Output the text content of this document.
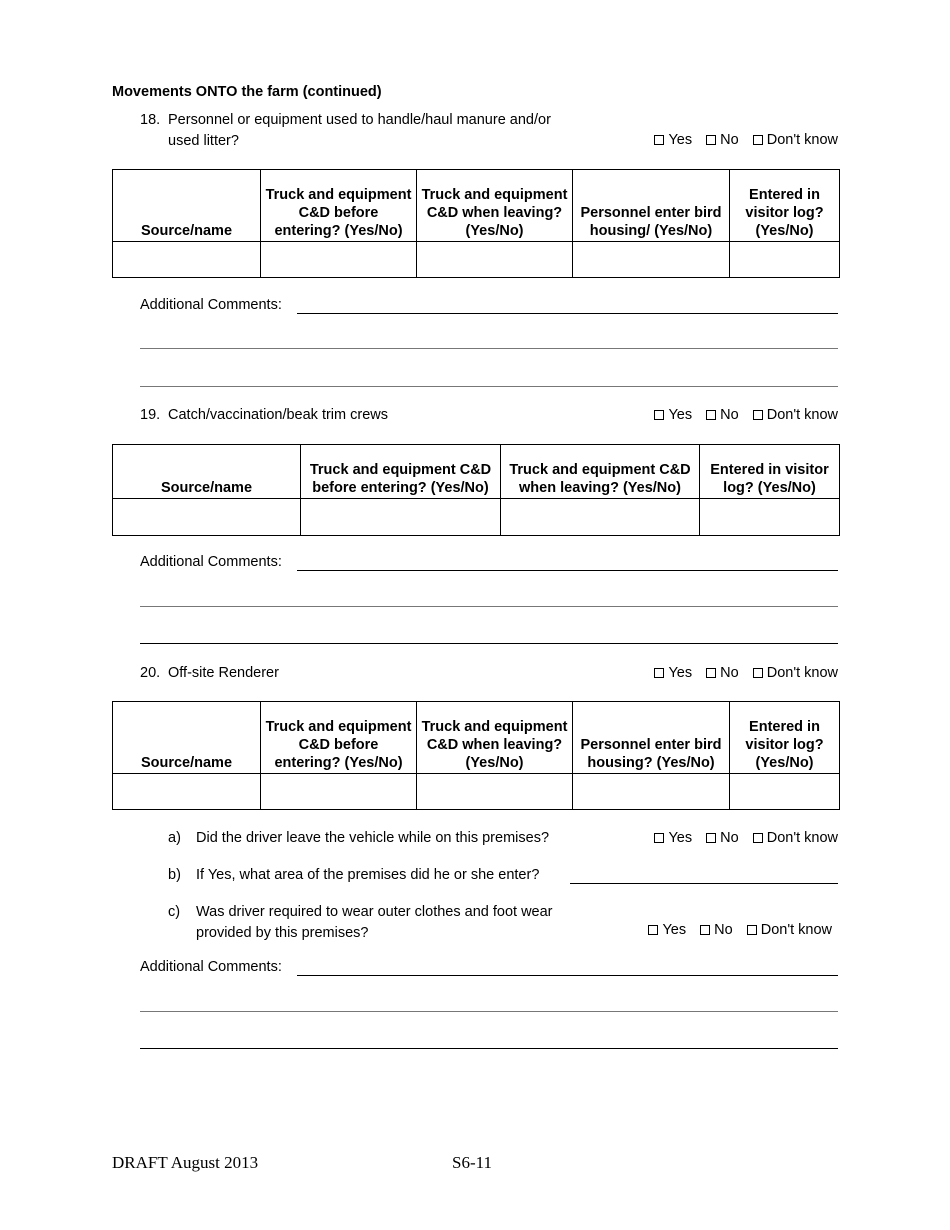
Movements ONTO the farm (continued)
18. Personnel or equipment used to handle/haul manure and/or
used litter?	Yes No Don't know
Source/name	Truck and equipment C&D before entering? (Yes/No)	Truck and equipment C&D when leaving? (Yes/No)	Personnel enter bird housing/ (Yes/No)	Entered in visitor log? (Yes/No)

Additional Comments:
19. Catch/vaccination/beak trim crews	Yes No Don't know
Source/name	Truck and equipment C&D before entering? (Yes/No)	Truck and equipment C&D when leaving? (Yes/No)	Entered in visitor log? (Yes/No)

Additional Comments:
20. Off-site Renderer	Yes No Don't know
Source/name	Truck and equipment C&D before entering? (Yes/No)	Truck and equipment C&D when leaving? (Yes/No)	Personnel enter bird housing? (Yes/No)	Entered in visitor log? (Yes/No)

a) Did the driver leave the vehicle while on this premises?	Yes No Don't know
b) If Yes, what area of the premises did he or she enter?
c) Was driver required to wear outer clothes and foot wear
provided by this premises?	Yes No Don't know
Additional Comments:
DRAFT August 2013	S6-11
